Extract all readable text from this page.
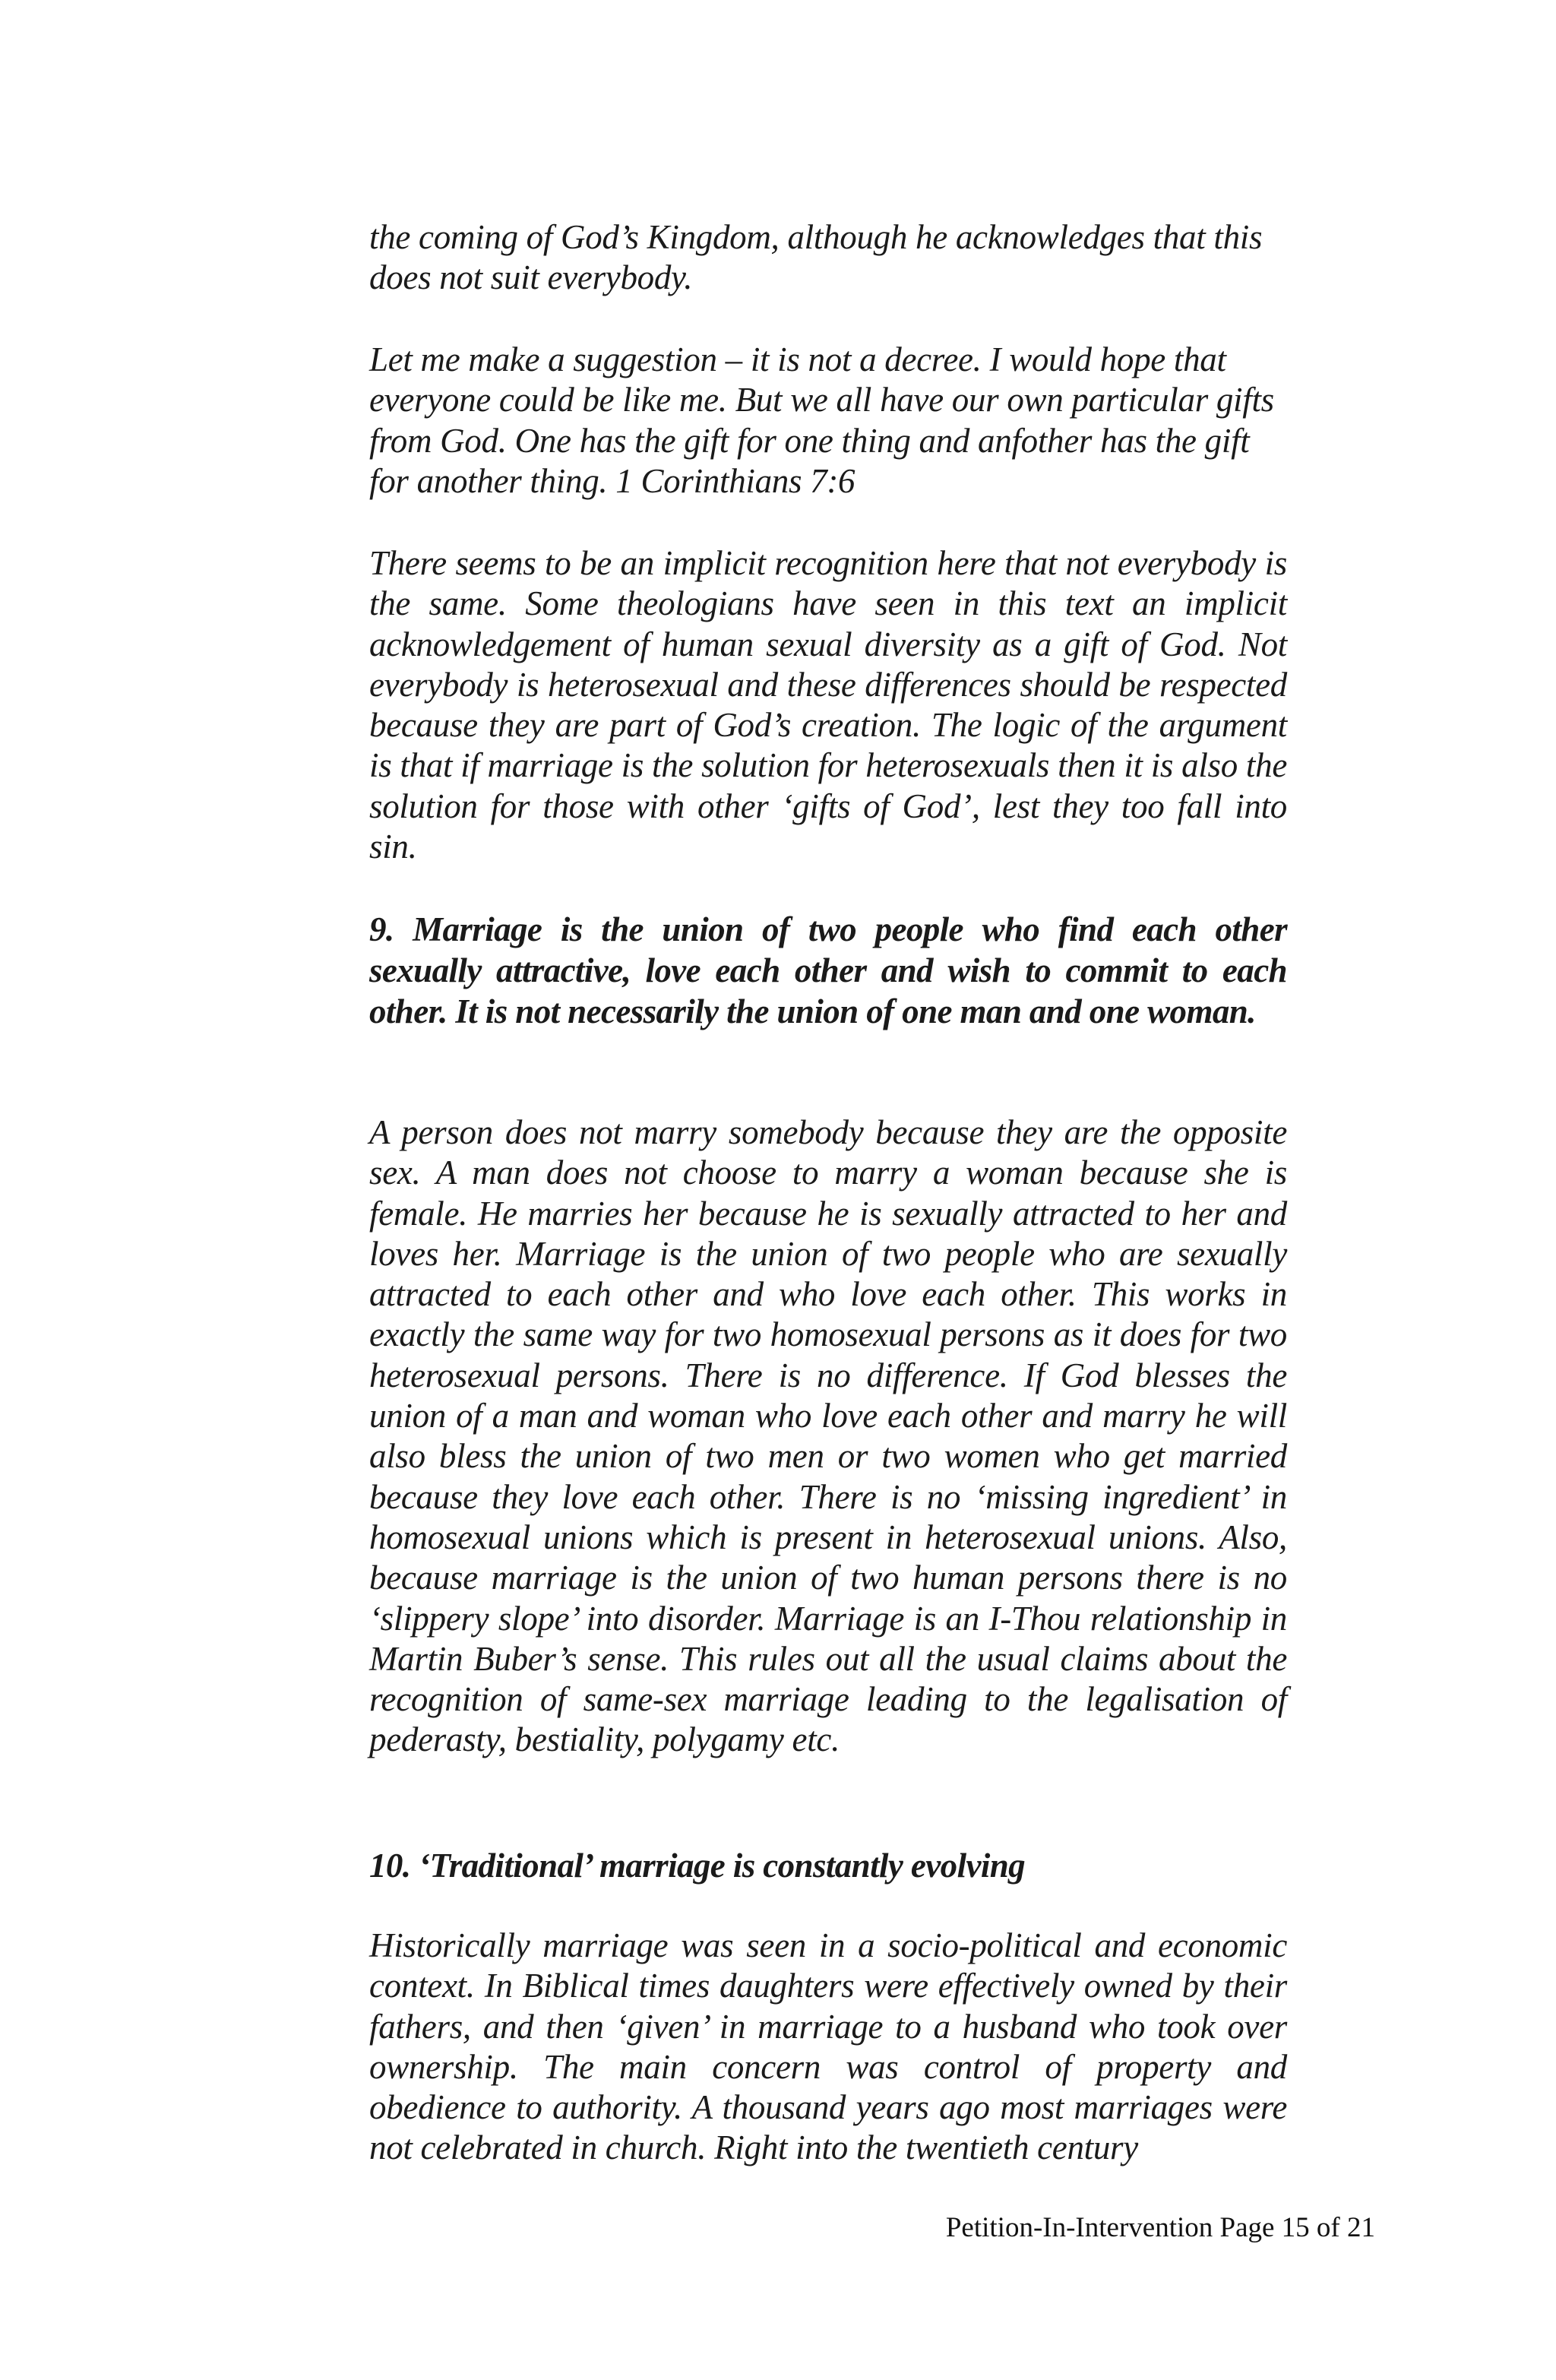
the coming of God’s Kingdom, although he acknowledges that this does not suit everybody.

Let me make a suggestion – it is not a decree. I would hope that everyone could be like me. But we all have our own particular gifts from God. One has the gift for one thing and anfother has the gift for another thing. 1 Corinthians 7:6

There seems to be an implicit recognition here that not everybody is the same. Some theologians have seen in this text an implicit acknowledgement of human sexual diversity as a gift of God. Not everybody is heterosexual and these differences should be respected because they are part of God’s creation. The logic of the argument is that if marriage is the solution for heterosexuals then it is also the solution for those with other ‘gifts of God’, lest they too fall into sin.

9. Marriage is the union of two people who find each other sexually attractive, love each other and wish to commit to each other. It is not necessarily the union of one man and one woman.

A person does not marry somebody because they are the opposite sex. A man does not choose to marry a woman because she is female. He marries her because he is sexually attracted to her and loves her. Marriage is the union of two people who are sexually attracted to each other and who love each other. This works in exactly the same way for two homosexual persons as it does for two heterosexual persons. There is no difference. If God blesses the union of a man and woman who love each other and marry he will also bless the union of two men or two women who get married because they love each other. There is no ‘missing ingredient’ in homosexual unions which is present in heterosexual unions. Also, because marriage is the union of two human persons there is no ‘slippery slope’ into disorder. Marriage is an I-Thou relationship in Martin Buber’s sense. This rules out all the usual claims about the recognition of same-sex marriage leading to the legalisation of pederasty, bestiality, polygamy etc.

10. ‘Traditional’ marriage is constantly evolving

Historically marriage was seen in a socio-political and economic context. In Biblical times daughters were effectively owned by their fathers, and then ‘given’ in marriage to a husband who took over ownership. The main concern was control of property and obedience to authority. A thousand years ago most marriages were not celebrated in church. Right into the twentieth century

Petition-In-Intervention Page 15 of 21
